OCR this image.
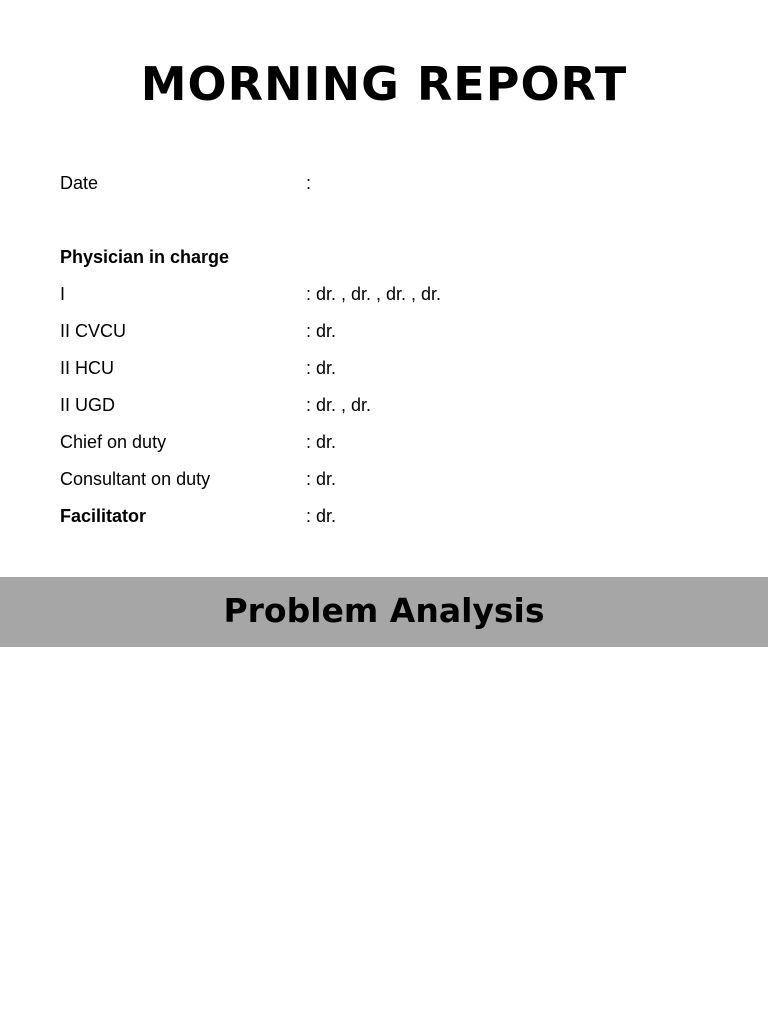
MORNING REPORT
Date	:
Physician in charge
I	: dr. , dr. , dr. , dr.
II CVCU	: dr.
II HCU	: dr.
II UGD	: dr. , dr.
Chief on duty	: dr.
Consultant on duty	: dr.
Facilitator	: dr.
Problem Analysis
